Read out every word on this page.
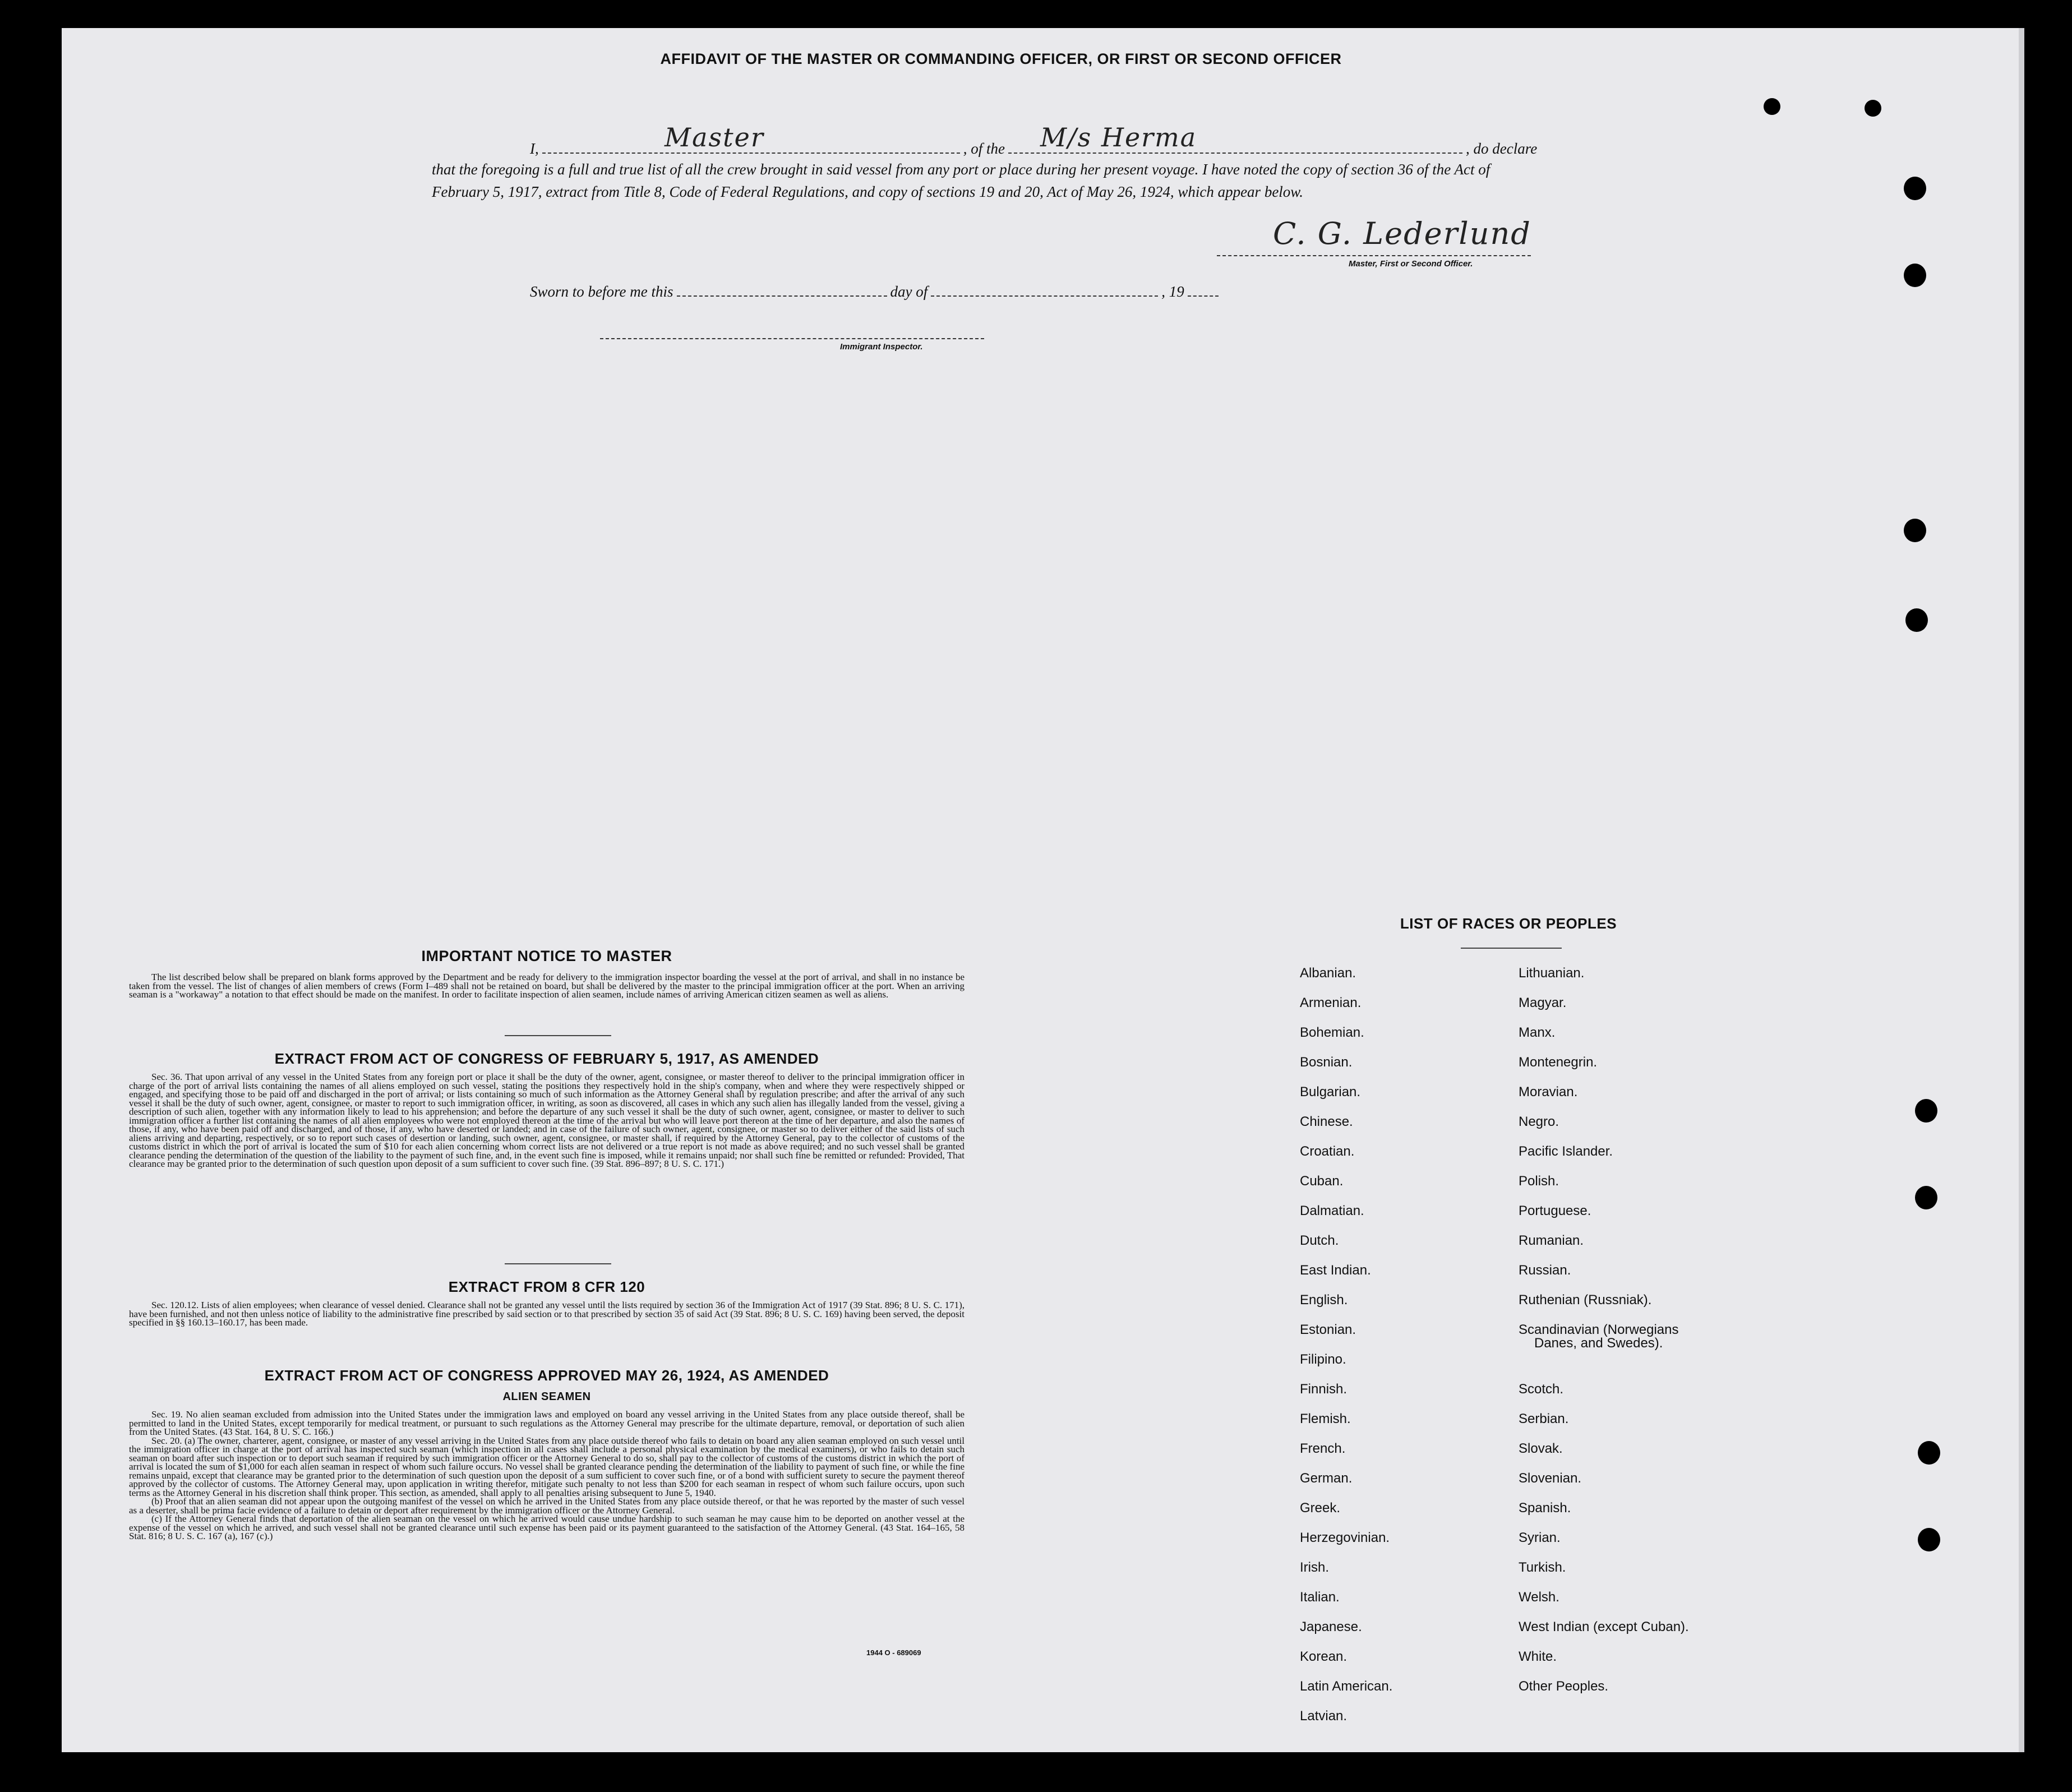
AFFIDAVIT OF THE MASTER OR COMMANDING OFFICER, OR FIRST OR SECOND OFFICER
I,	, of the	, do declare
Master	M/s Herma
that the foregoing is a full and true list of all the crew brought in said vessel from any port or place during her present voyage. I have noted the copy of section 36 of the Act of February 5, 1917, extract from Title 8, Code of Federal Regulations, and copy of sections 19 and 20, Act of May 26, 1924, which appear below.
C. G. Lederlund
Master, First or Second Officer.
Sworn to before me this	day of	, 19
Immigrant Inspector.
IMPORTANT NOTICE TO MASTER

The list described below shall be prepared on blank forms approved by the Department and be ready for delivery to the immigration inspector boarding the vessel at the port of arrival, and shall in no instance be taken from the vessel. The list of changes of alien members of crews (Form I–489 shall not be retained on board, but shall be delivered by the master to the principal immigration officer at the port. When an arriving seaman is a "workaway" a notation to that effect should be made on the manifest. In order to facilitate inspection of alien seamen, include names of arriving American citizen seamen as well as aliens.

EXTRACT FROM ACT OF CONGRESS OF FEBRUARY 5, 1917, AS AMENDED

Sec. 36. That upon arrival of any vessel in the United States from any foreign port or place it shall be the duty of the owner, agent, consignee, or master thereof to deliver to the principal immigration officer in charge of the port of arrival lists containing the names of all aliens employed on such vessel, stating the positions they respectively hold in the ship's company, when and where they were respectively shipped or engaged, and specifying those to be paid off and discharged in the port of arrival; or lists containing so much of such information as the Attorney General shall by regulation prescribe; and after the arrival of any such vessel it shall be the duty of such owner, agent, consignee, or master to report to such immigration officer, in writing, as soon as discovered, all cases in which any such alien has illegally landed from the vessel, giving a description of such alien, together with any information likely to lead to his apprehension; and before the departure of any such vessel it shall be the duty of such owner, agent, consignee, or master to deliver to such immigration officer a further list containing the names of all alien employees who were not employed thereon at the time of the arrival but who will leave port thereon at the time of her departure, and also the names of those, if any, who have been paid off and discharged, and of those, if any, who have deserted or landed; and in case of the failure of such owner, agent, consignee, or master so to deliver either of the said lists of such aliens arriving and departing, respectively, or so to report such cases of desertion or landing, such owner, agent, consignee, or master shall, if required by the Attorney General, pay to the collector of customs of the customs district in which the port of arrival is located the sum of $10 for each alien concerning whom correct lists are not delivered or a true report is not made as above required; and no such vessel shall be granted clearance pending the determination of the question of the liability to the payment of such fine, and, in the event such fine is imposed, while it remains unpaid; nor shall such fine be remitted or refunded: Provided, That clearance may be granted prior to the determination of such question upon deposit of a sum sufficient to cover such fine. (39 Stat. 896–897; 8 U. S. C. 171.)

EXTRACT FROM 8 CFR 120

Sec. 120.12. Lists of alien employees; when clearance of vessel denied. Clearance shall not be granted any vessel until the lists required by section 36 of the Immigration Act of 1917 (39 Stat. 896; 8 U. S. C. 171), have been furnished, and not then unless notice of liability to the administrative fine prescribed by said section or to that prescribed by section 35 of said Act (39 Stat. 896; 8 U. S. C. 169) having been served, the deposit specified in §§ 160.13–160.17, has been made.

EXTRACT FROM ACT OF CONGRESS APPROVED MAY 26, 1924, AS AMENDED
ALIEN SEAMEN

Sec. 19. No alien seaman excluded from admission into the United States under the immigration laws and employed on board any vessel arriving in the United States from any place outside thereof, shall be permitted to land in the United States, except temporarily for medical treatment, or pursuant to such regulations as the Attorney General may prescribe for the ultimate departure, removal, or deportation of such alien from the United States. (43 Stat. 164, 8 U. S. C. 166.)

Sec. 20. (a) The owner, charterer, agent, consignee, or master of any vessel arriving in the United States from any place outside thereof who fails to detain on board any alien seaman employed on such vessel until the immigration officer in charge at the port of arrival has inspected such seaman (which inspection in all cases shall include a personal physical examination by the medical examiners), or who fails to detain such seaman on board after such inspection or to deport such seaman if required by such immigration officer or the Attorney General to do so, shall pay to the collector of customs of the customs district in which the port of arrival is located the sum of $1,000 for each alien seaman in respect of whom such failure occurs. No vessel shall be granted clearance pending the determination of the liability to payment of such fine, or while the fine remains unpaid, except that clearance may be granted prior to the determination of such question upon the deposit of a sum sufficient to cover such fine, or of a bond with sufficient surety to secure the payment thereof approved by the collector of customs. The Attorney General may, upon application in writing therefor, mitigate such penalty to not less than $200 for each seaman in respect of whom such failure occurs, upon such terms as the Attorney General in his discretion shall think proper. This section, as amended, shall apply to all penalties arising subsequent to June 5, 1940.

(b) Proof that an alien seaman did not appear upon the outgoing manifest of the vessel on which he arrived in the United States from any place outside thereof, or that he was reported by the master of such vessel as a deserter, shall be prima facie evidence of a failure to detain or deport after requirement by the immigration officer or the Attorney General.

(c) If the Attorney General finds that deportation of the alien seaman on the vessel on which he arrived would cause undue hardship to such seaman he may cause him to be deported on another vessel at the expense of the vessel on which he arrived, and such vessel shall not be granted clearance until such expense has been paid or its payment guaranteed to the satisfaction of the Attorney General. (43 Stat. 164–165, 58 Stat. 816; 8 U. S. C. 167 (a), 167 (c).)

1944 O - 689069
LIST OF RACES OR PEOPLES
Albanian.
Armenian.
Bohemian.
Bosnian.
Bulgarian.
Chinese.
Croatian.
Cuban.
Dalmatian.
Dutch.
East Indian.
English.
Estonian.
Filipino.
Finnish.
Flemish.
French.
German.
Greek.
Herzegovinian.
Irish.
Italian.
Japanese.
Korean.
Latin American.
Latvian.
Lithuanian.
Magyar.
Manx.
Montenegrin.
Moravian.
Negro.
Pacific Islander.
Polish.
Portuguese.
Rumanian.
Russian.
Ruthenian (Russniak).
Scandinavian (Norwegians
Danes, and Swedes).
Scotch.
Serbian.
Slovak.
Slovenian.
Spanish.
Syrian.
Turkish.
Welsh.
West Indian (except Cuban).
White.
Other Peoples.
